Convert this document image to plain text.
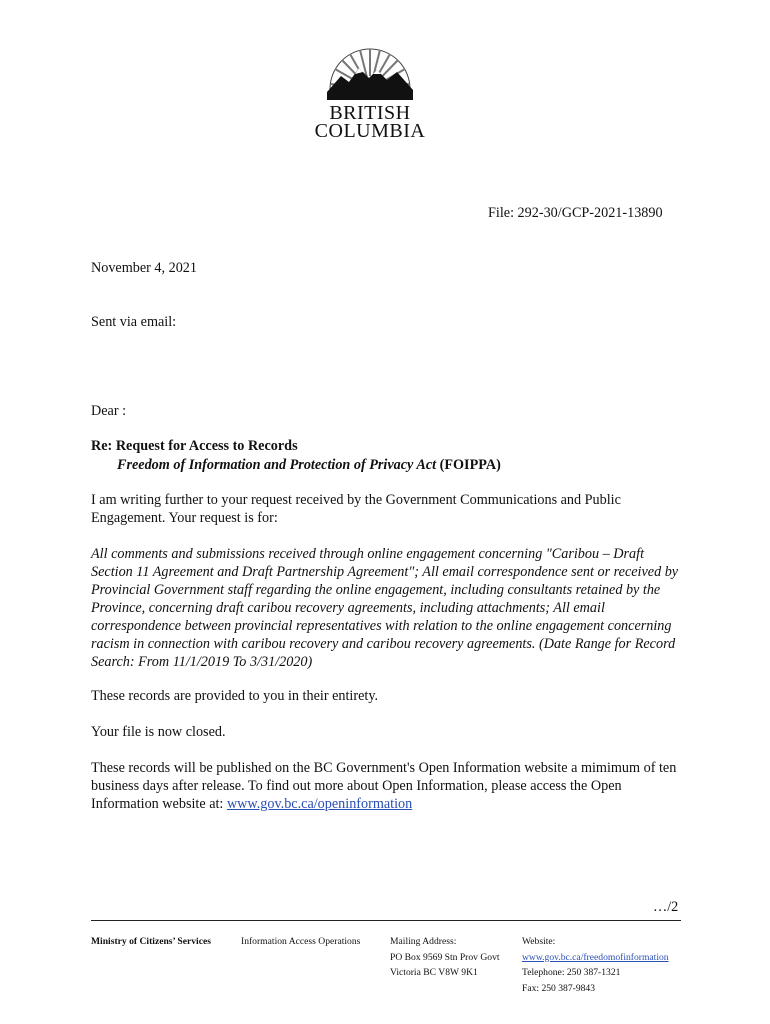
BRITISH
COLUMBIA
File: 292-30/GCP-2021-13890
November 4, 2021
Sent via email:
Dear :
Re: Request for Access to Records
Freedom of Information and Protection of Privacy Act (FOIPPA)
I am writing further to your request received by the Government Communications and Public Engagement. Your request is for:
All comments and submissions received through online engagement concerning "Caribou – Draft Section 11 Agreement and Draft Partnership Agreement"; All email correspondence sent or received by Provincial Government staff regarding the online engagement, including consultants retained by the Province, concerning draft caribou recovery agreements, including attachments; All email correspondence between provincial representatives with relation to the online engagement concerning racism in connection with caribou recovery and caribou recovery agreements. (Date Range for Record Search: From 11/1/2019 To 3/31/2020)
These records are provided to you in their entirety.
Your file is now closed.
These records will be published on the BC Government's Open Information website a mimimum of ten business days after release. To find out more about Open Information, please access the Open Information website at: www.gov.bc.ca/openinformation
…/2
Ministry of Citizens’ Services	Information Access Operations	Mailing Address:
PO Box 9569 Stn Prov Govt
Victoria BC V8W 9K1
Website:
www.gov.bc.ca/freedomofinformation
Telephone: 250 387-1321
Fax: 250 387-9843
